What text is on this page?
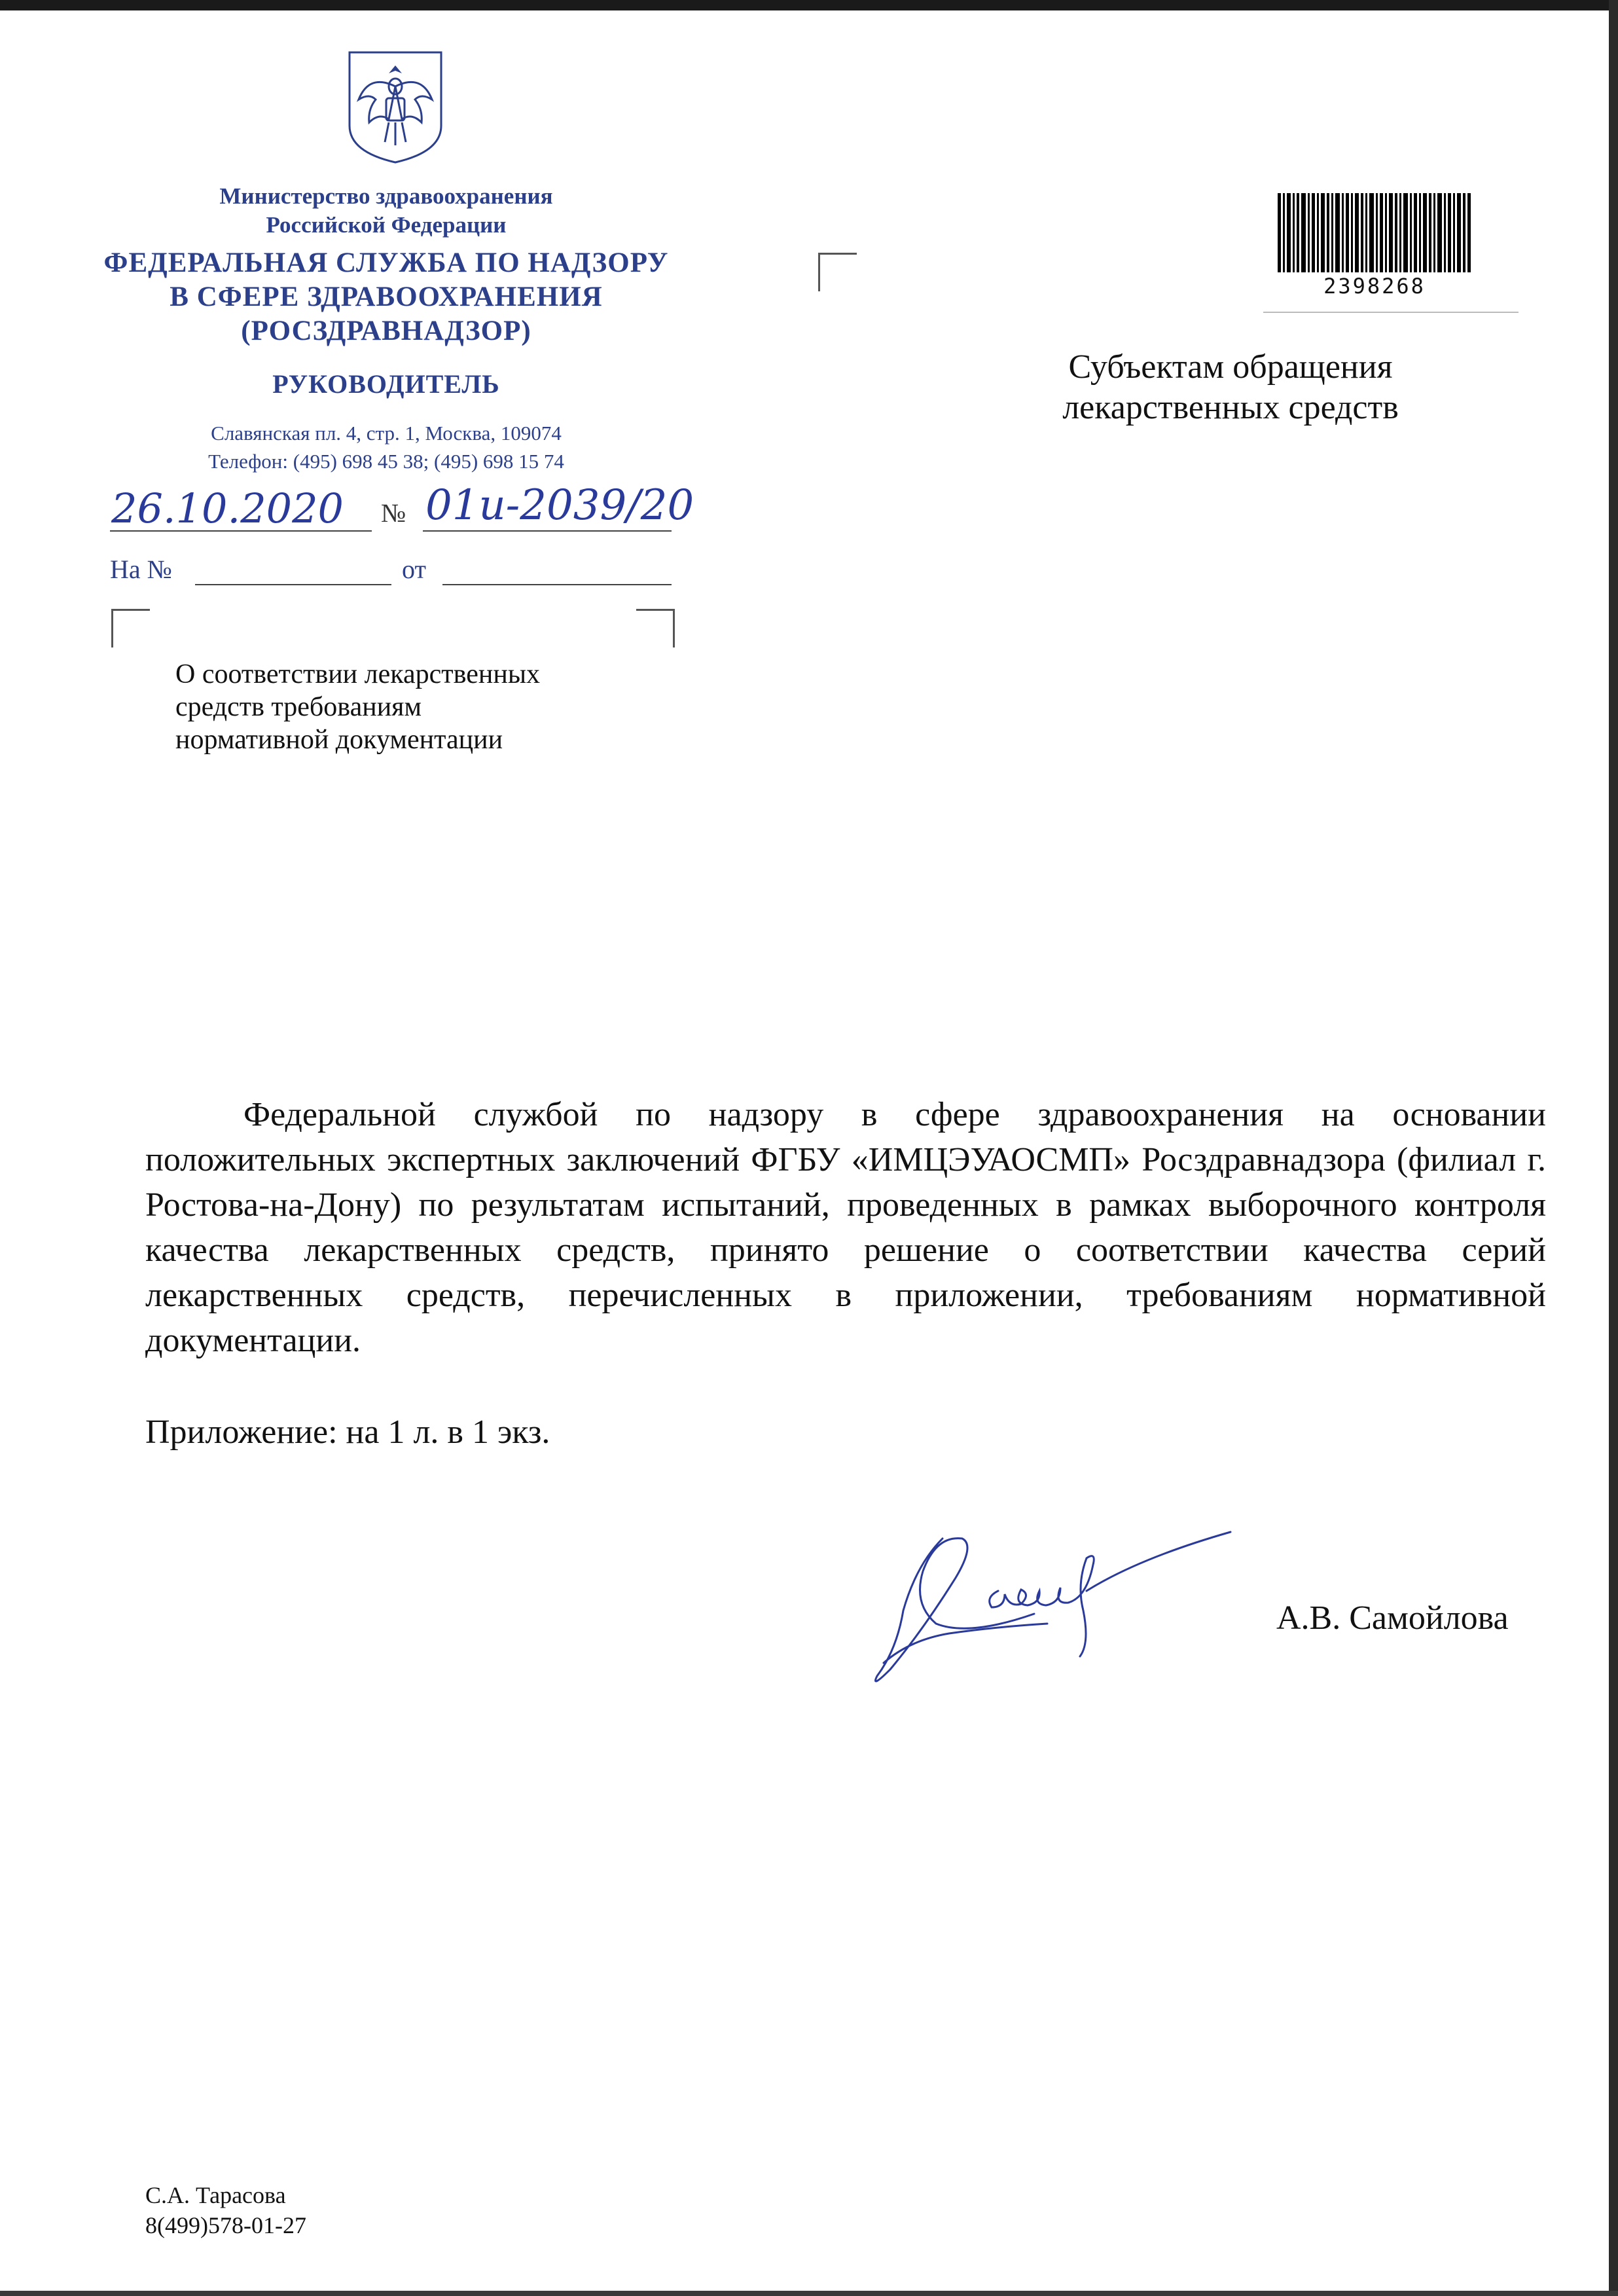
Министерство здравоохранения
Российской Федерации
ФЕДЕРАЛЬНАЯ СЛУЖБА ПО НАДЗОРУ
В СФЕРЕ ЗДРАВООХРАНЕНИЯ
(РОСЗДРАВНАДЗОР)
РУКОВОДИТЕЛЬ
Славянская пл. 4, стр. 1, Москва, 109074
Телефон: (495) 698 45 38; (495) 698 15 74
26.10.2020 № 01и-2039/20
На №	от
О соответствии лекарственных
средств требованиям
нормативной документации
2398268
Субъектам обращения
лекарственных средств
Федеральной службой по надзору в сфере здравоохранения на основании положительных экспертных заключений ФГБУ «ИМЦЭУАОСМП» Росздравнадзора (филиал г. Ростова-на-Дону) по результатам испытаний, проведенных в рамках выборочного контроля качества лекарственных средств, принято решение о соответствии качества серий лекарственных средств, перечисленных в приложении, требованиям нормативной документации.
Приложение: на 1 л. в 1 экз.
А.В. Самойлова
С.А. Тарасова
8(499)578-01-27
